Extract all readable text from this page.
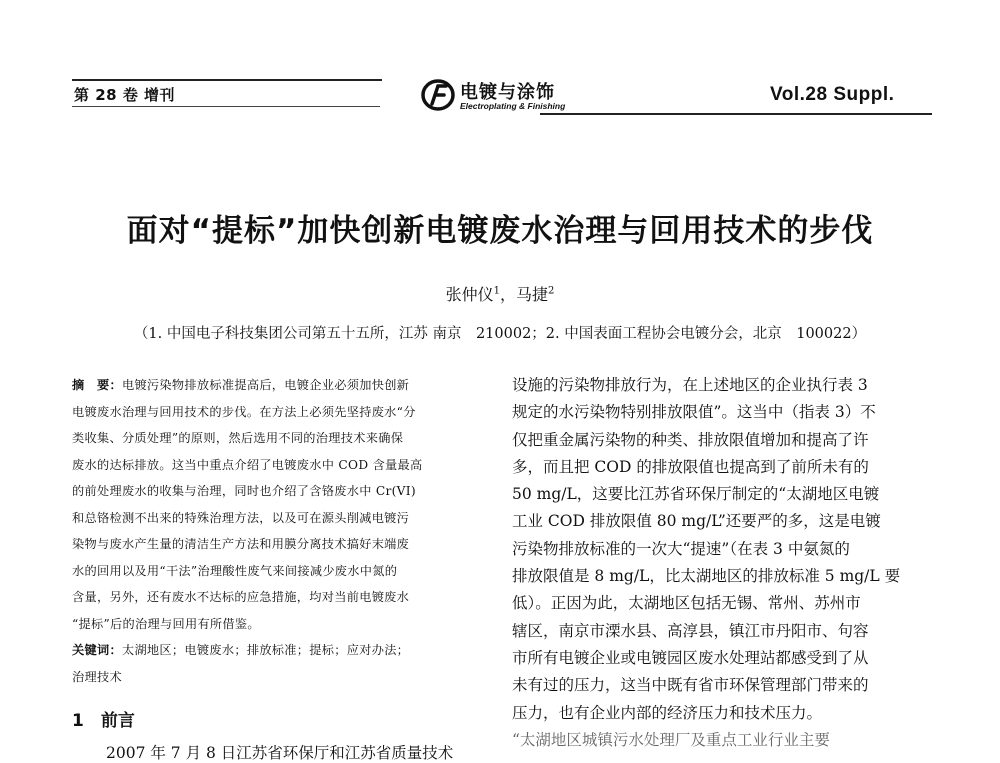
第 28 卷 增刊	电镀与涂饰
Electroplating & Finishing
Vol.28 Suppl.
面对“提标”加快创新电镀废水治理与回用技术的步伐
张仲仪$^1$，马捷$^2$
（1. 中国电子科技集团公司第五十五所，江苏 南京　210002；2. 中国表面工程协会电镀分会，北京　100022）
摘　要：电镀污染物排放标准提高后，电镀企业必须加快创新
电镀废水治理与回用技术的步伐。在方法上必须先坚持废水“分
类收集、分质处理”的原则，然后选用不同的治理技术来确保
废水的达标排放。这当中重点介绍了电镀废水中 COD 含量最高
的前处理废水的收集与治理，同时也介绍了含铬废水中 Cr(VI)
和总铬检测不出来的特殊治理方法，以及可在源头削减电镀污
染物与废水产生量的清洁生产方法和用膜分离技术搞好末端废
水的回用以及用“干法”治理酸性废气来间接减少废水中氮的
含量，另外，还有废水不达标的应急措施，均对当前电镀废水
“提标”后的治理与回用有所借鉴。
关键词：太湖地区；电镀废水；排放标准；提标；应对办法；
治理技术
1　前言
2007 年 7 月 8 日江苏省环保厅和江苏省质量技术
设施的污染物排放行为，在上述地区的企业执行表 3
规定的水污染物特别排放限值”。这当中（指表 3）不
仅把重金属污染物的种类、排放限值增加和提高了许
多，而且把 COD 的排放限值也提高到了前所未有的
50 mg/L，这要比江苏省环保厅制定的“太湖地区电镀
工业 COD 排放限值 80 mg/L”还要严的多，这是电镀
污染物排放标准的一次大“提速”（在表 3 中氨氮的
排放限值是 8 mg/L，比太湖地区的排放标准 5 mg/L 要
低）。正因为此，太湖地区包括无锡、常州、苏州市
辖区，南京市溧水县、高淳县，镇江市丹阳市、句容
市所有电镀企业或电镀园区废水处理站都感受到了从
未有过的压力，这当中既有省市环保管理部门带来的
压力，也有企业内部的经济压力和技术压力。
“太湖地区城镇污水处理厂及重点工业行业主要
